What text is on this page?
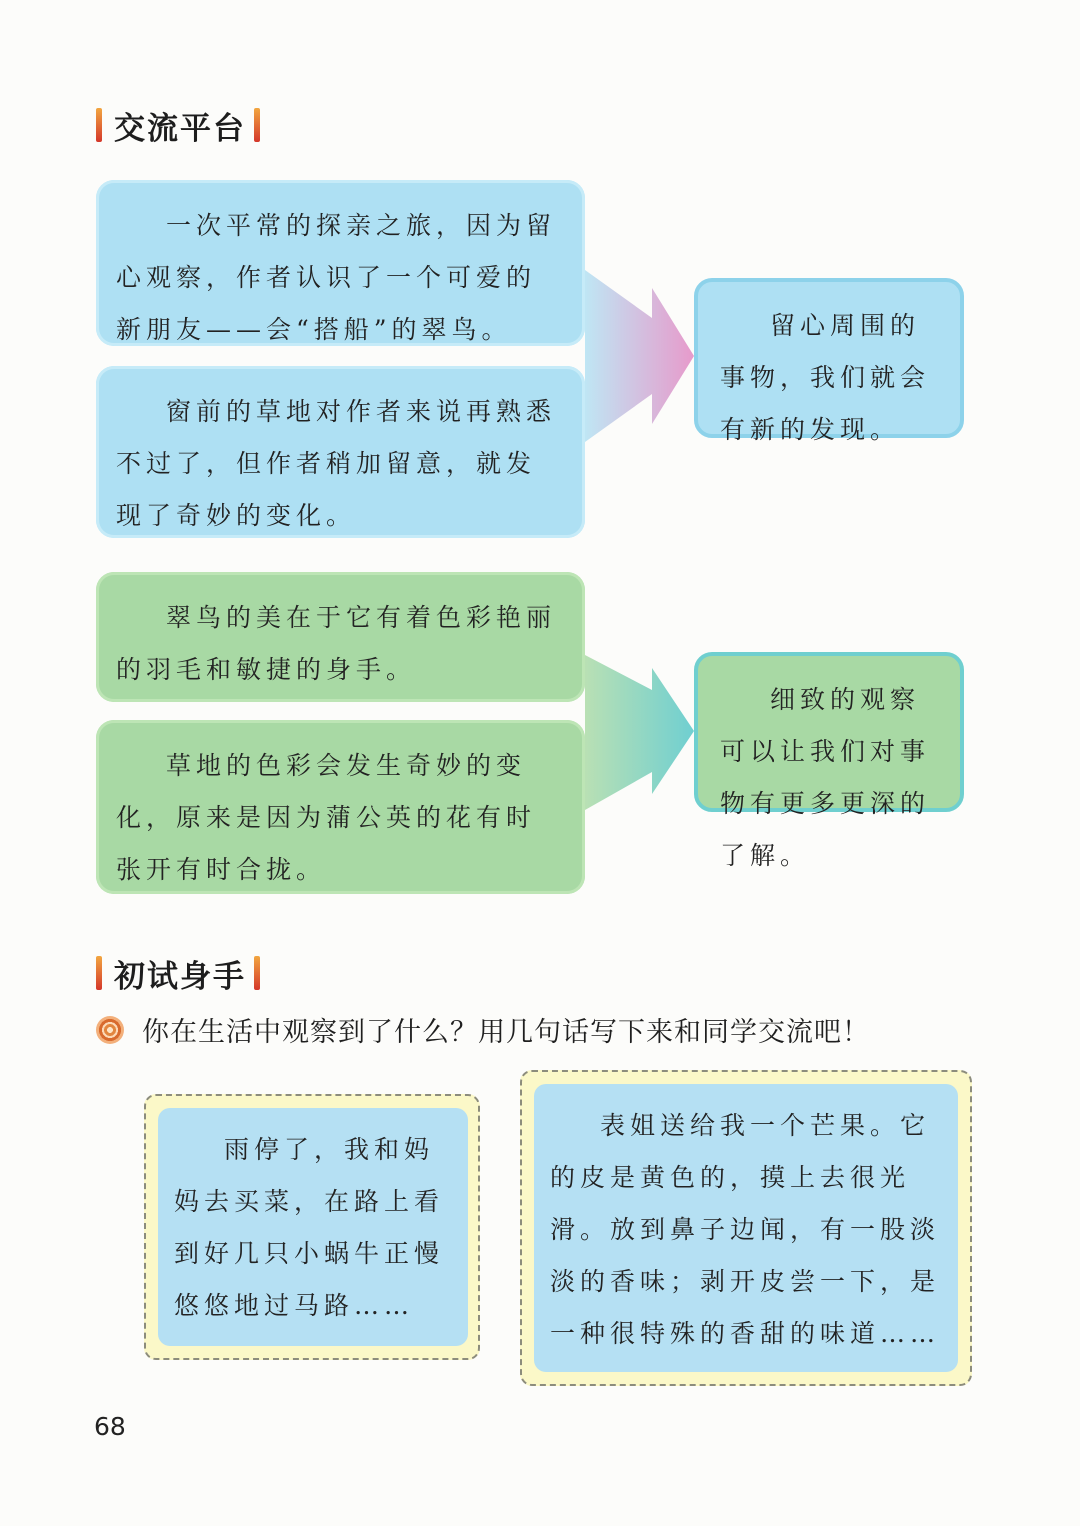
交流平台

一次平常的探亲之旅，因为留心观察，作者认识了一个可爱的新朋友——会“搭船”的翠鸟。

窗前的草地对作者来说再熟悉不过了，但作者稍加留意，就发现了奇妙的变化。

留心周围的事物，我们就会有新的发现。

翠鸟的美在于它有着色彩艳丽的羽毛和敏捷的身手。

草地的色彩会发生奇妙的变化，原来是因为蒲公英的花有时张开有时合拢。

细致的观察可以让我们对事物有更多更深的了解。

初试身手
你在生活中观察到了什么？用几句话写下来和同学交流吧！

雨停了，我和妈妈去买菜，在路上看到好几只小蜗牛正慢悠悠地过马路……

表姐送给我一个芒果。它的皮是黄色的，摸上去很光滑。放到鼻子边闻，有一股淡淡的香味；剥开皮尝一下，是一种很特殊的香甜的味道……

68
